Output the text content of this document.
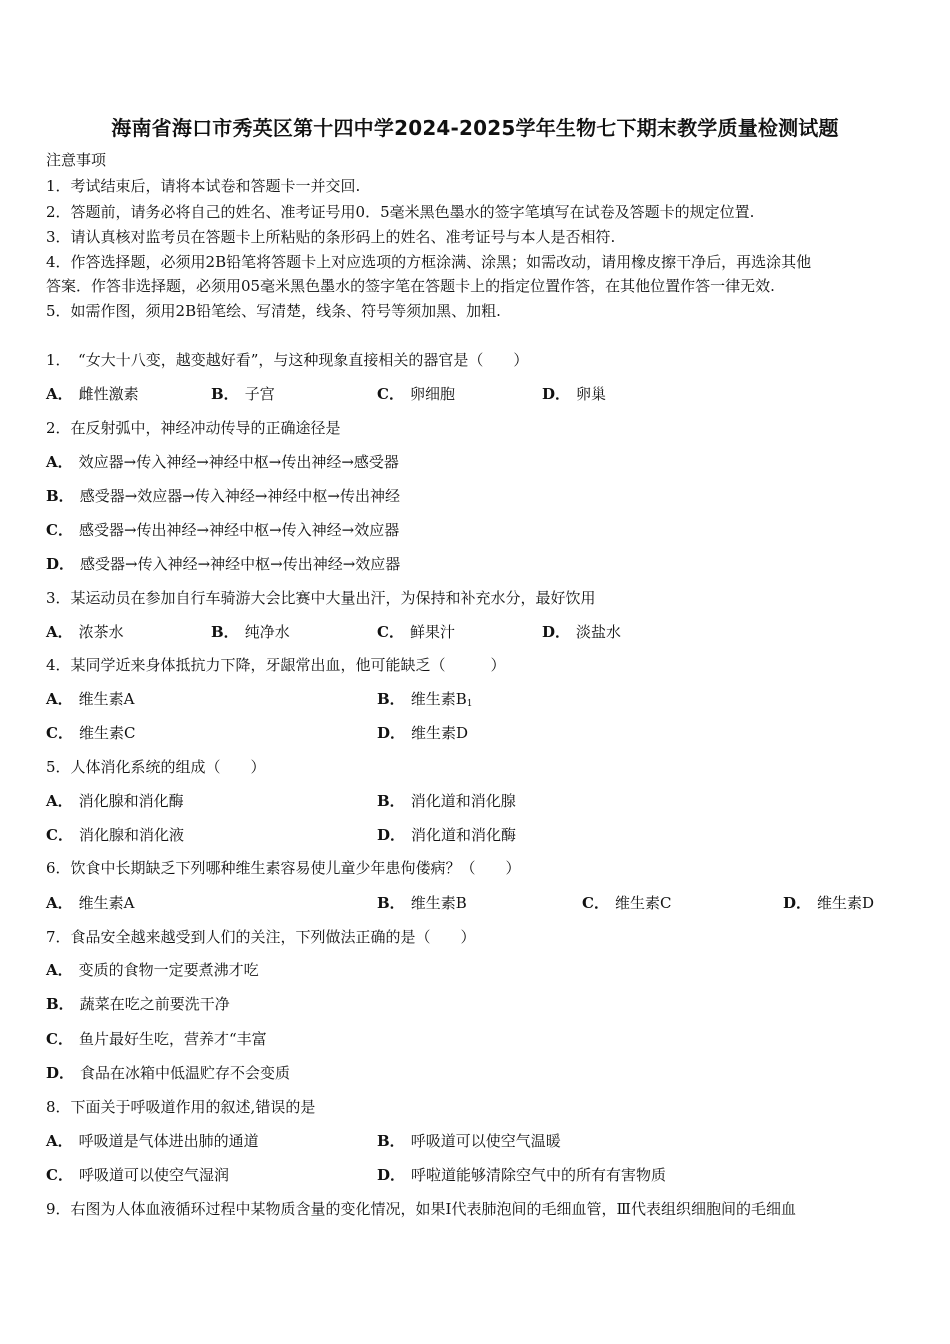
海南省海口市秀英区第十四中学2024-2025学年生物七下期末教学质量检测试题
注意事项
1．考试结束后，请将本试卷和答题卡一并交回.
2．答题前，请务必将自己的姓名、准考证号用0．5毫米黑色墨水的签字笔填写在试卷及答题卡的规定位置.
3．请认真核对监考员在答题卡上所粘贴的条形码上的姓名、准考证号与本人是否相符.
4．作答选择题，必须用2B铅笔将答题卡上对应选项的方框涂满、涂黑；如需改动，请用橡皮擦干净后，再选涂其他
答案．作答非选择题，必须用05毫米黑色墨水的签字笔在答题卡上的指定位置作答，在其他位置作答一律无效.
5．如需作图，须用2B铅笔绘、写清楚，线条、符号等须加黑、加粗.
1．　“女大十八变，越变越好看”，与这种现象直接相关的器官是（　　）
A． 雌性激素	B． 子宫	C． 卵细胞	D． 卵巢
2．在反射弧中，神经冲动传导的正确途径是
A． 效应器→传入神经→神经中枢→传出神经→感受器
B． 感受器→效应器→传入神经→神经中枢→传出神经
C． 感受器→传出神经→神经中枢→传入神经→效应器
D． 感受器→传入神经→神经中枢→传出神经→效应器
3．某运动员在参加自行车骑游大会比赛中大量出汗，为保持和补充水分，最好饮用
A． 浓茶水	B． 纯净水	C． 鲜果汁	D． 淡盐水
4．某同学近来身体抵抗力下降，牙龈常出血，他可能缺乏（　　　）
A． 维生素A	B． 维生素$B_1$
C． 维生素C	D． 维生素D
5．人体消化系统的组成（　　）
A． 消化腺和消化酶	B． 消化道和消化腺
C． 消化腺和消化液	D． 消化道和消化酶
6．饮食中长期缺乏下列哪种维生素容易使儿童少年患佝偻病？（　　）
A． 维生素A	B． 维生素B	C． 维生素C	D． 维生素D
7．食品安全越来越受到人们的关注，下列做法正确的是（　　）
A． 变质的食物一定要煮沸才吃
B． 蔬菜在吃之前要洗干净
C． 鱼片最好生吃，营养才“丰富
D． 食品在冰箱中低温贮存不会变质
8．下面关于呼吸道作用的叙述,错误的是
A． 呼吸道是气体进出肺的通道	B． 呼吸道可以使空气温暖
C． 呼吸道可以使空气湿润	D． 呼啦道能够清除空气中的所有有害物质
9．右图为人体血液循环过程中某物质含量的变化情况，如果Ⅰ代表肺泡间的毛细血管，Ⅲ代表组织细胞间的毛细血
